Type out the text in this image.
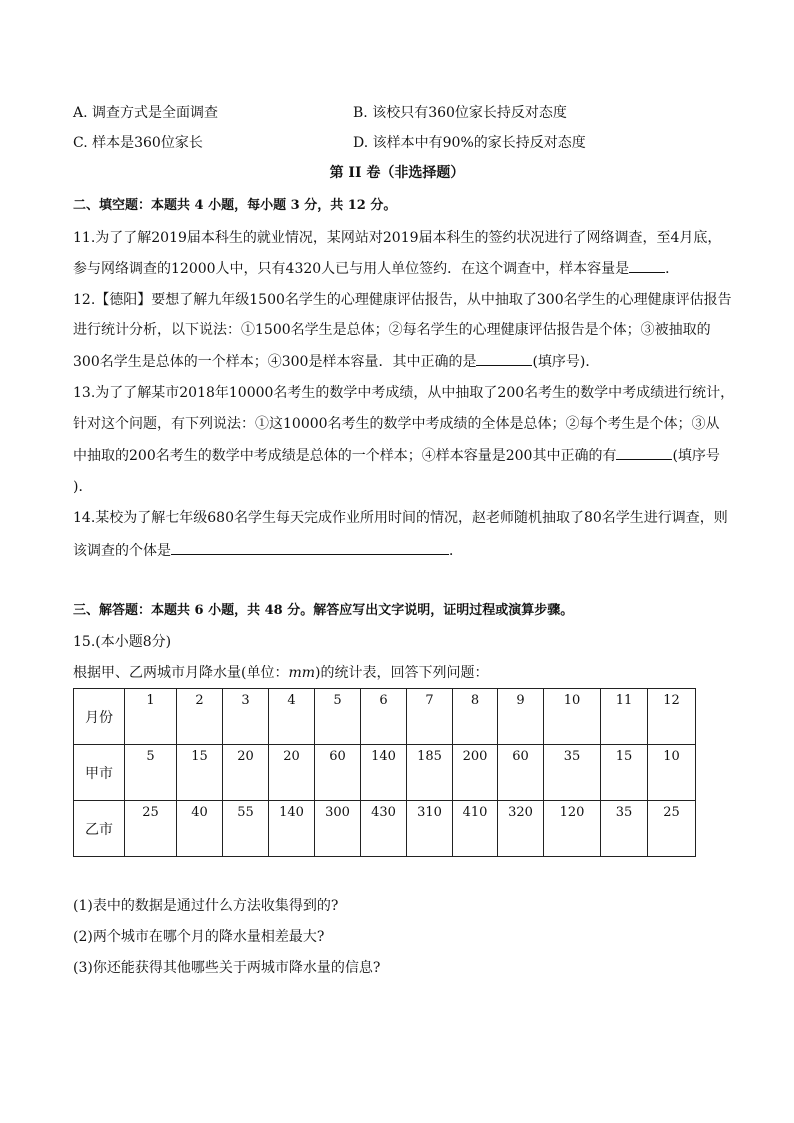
A. 调查方式是全面调查	B. 该校只有360位家长持反对态度
C. 样本是360位家长	D. 该样本中有90%的家长持反对态度
第 II 卷（非选择题）
二、填空题：本题共 4 小题，每小题 3 分，共 12 分。
11.为了了解2019届本科生的就业情况，某网站对2019届本科生的签约状况进行了网络调查，至4月底，
参与网络调查的12000人中，只有4320人已与用人单位签约．在这个调查中，样本容量是	．
12.【德阳】要想了解九年级1500名学生的心理健康评估报告，从中抽取了300名学生的心理健康评估报告
进行统计分析，以下说法：①1500名学生是总体；②每名学生的心理健康评估报告是个体；③被抽取的
300名学生是总体的一个样本；④300是样本容量．其中正确的是	(填序号)．
13.为了了解某市2018年10000名考生的数学中考成绩，从中抽取了200名考生的数学中考成绩进行统计，
针对这个问题，有下列说法：①这10000名考生的数学中考成绩的全体是总体；②每个考生是个体；③从
中抽取的200名考生的数学中考成绩是总体的一个样本；④样本容量是200其中正确的有	(填序号
)．
14.某校为了解七年级680名学生每天完成作业所用时间的情况，赵老师随机抽取了80名学生进行调查，则
该调查的个体是	．
三、解答题：本题共 6 小题，共 48 分。解答应写出文字说明，证明过程或演算步骤。
15.(本小题8分)
根据甲、乙两城市月降水量(单位：mm)的统计表，回答下列问题：
月份	1	2	3	4	5	6	7	8	9	10	11	12

甲市	5	15	20	20	60	140	185	200	60	35	15	10

乙市	25	40	55	140	300	430	310	410	320	120	35	25
(1)表中的数据是通过什么方法收集得到的?
(2)两个城市在哪个月的降水量相差最大?
(3)你还能获得其他哪些关于两城市降水量的信息?
